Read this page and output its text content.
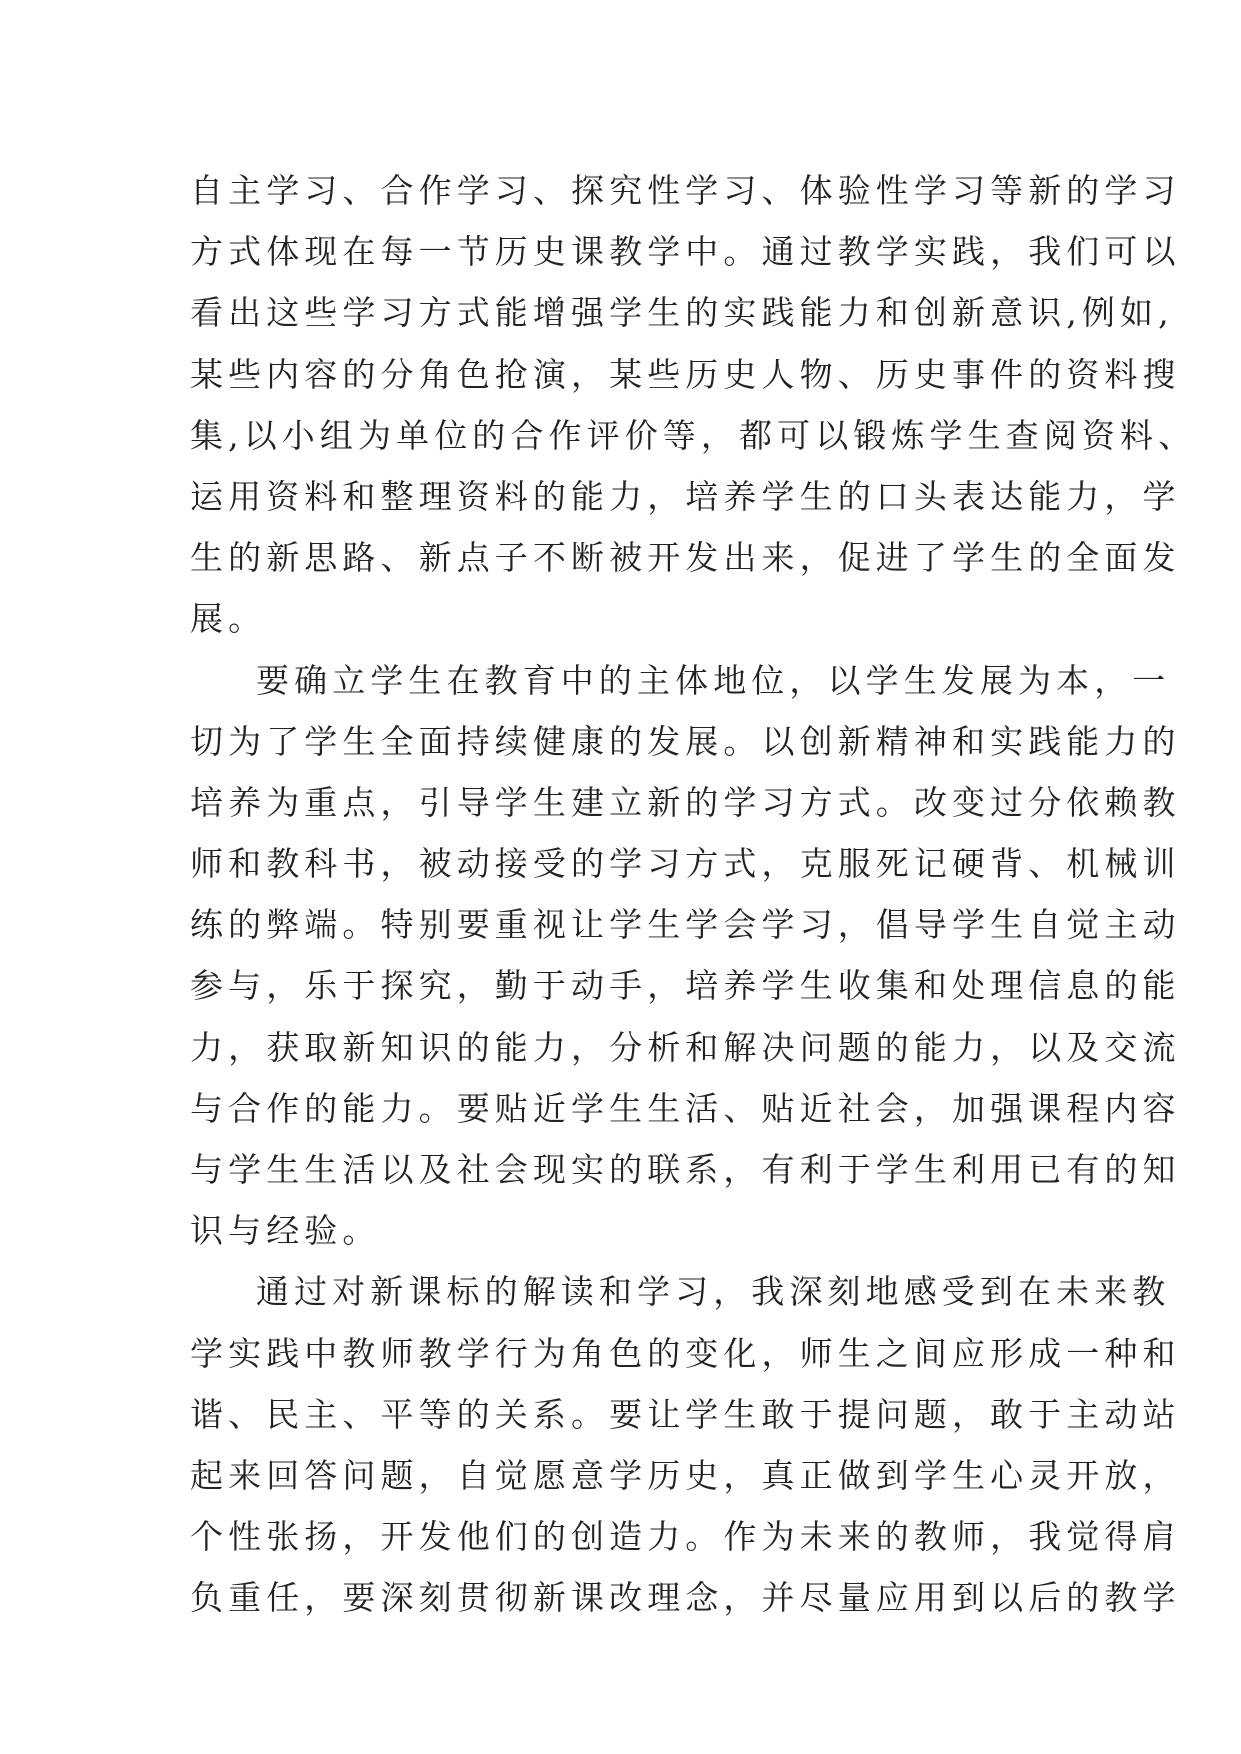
自主学习、合作学习、探究性学习、体验性学习等新的学习
方式体现在每一节历史课教学中。通过教学实践，我们可以
看出这些学习方式能增强学生的实践能力和创新意识,例如,
某些内容的分角色抢演，某些历史人物、历史事件的资料搜
集,以小组为单位的合作评价等，都可以锻炼学生查阅资料、
运用资料和整理资料的能力，培养学生的口头表达能力，学
生的新思路、新点子不断被开发出来，促进了学生的全面发
展。
要确立学生在教育中的主体地位，以学生发展为本，一
切为了学生全面持续健康的发展。以创新精神和实践能力的
培养为重点，引导学生建立新的学习方式。改变过分依赖教
师和教科书，被动接受的学习方式，克服死记硬背、机械训
练的弊端。特别要重视让学生学会学习，倡导学生自觉主动
参与，乐于探究，勤于动手，培养学生收集和处理信息的能
力，获取新知识的能力，分析和解决问题的能力，以及交流
与合作的能力。要贴近学生生活、贴近社会，加强课程内容
与学生生活以及社会现实的联系，有利于学生利用已有的知
识与经验。
通过对新课标的解读和学习，我深刻地感受到在未来教
学实践中教师教学行为角色的变化，师生之间应形成一种和
谐、民主、平等的关系。要让学生敢于提问题，敢于主动站
起来回答问题，自觉愿意学历史，真正做到学生心灵开放，
个性张扬，开发他们的创造力。作为未来的教师，我觉得肩
负重任，要深刻贯彻新课改理念，并尽量应用到以后的教学
